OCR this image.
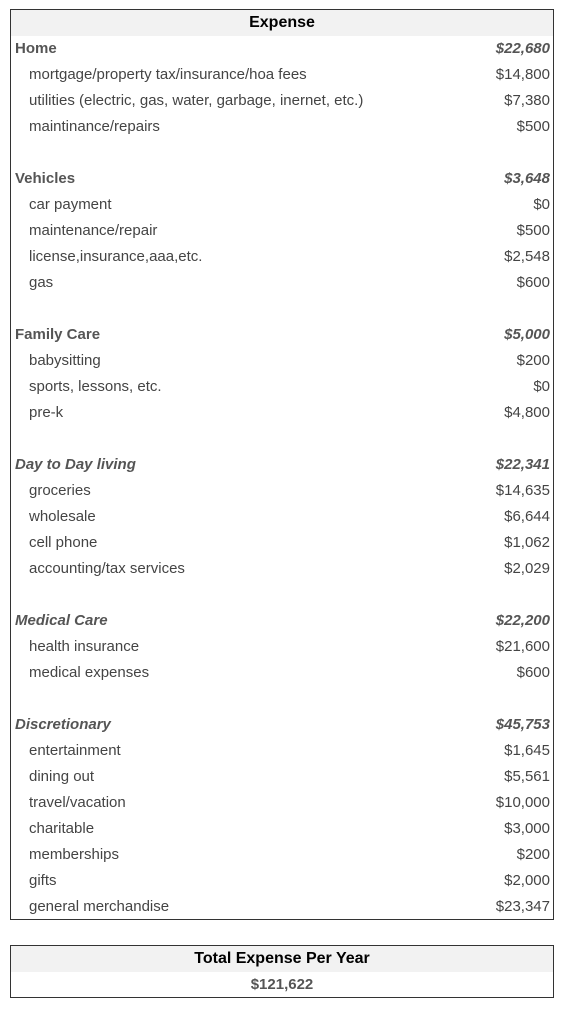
Expense
Home	$22,680
mortgage/property tax/insurance/hoa fees	$14,800
utilities (electric, gas, water, garbage, inernet, etc.)	$7,380
maintinance/repairs	$500
Vehicles	$3,648
car payment	$0
maintenance/repair	$500
license,insurance,aaa,etc.	$2,548
gas	$600
Family Care	$5,000
babysitting	$200
sports, lessons, etc.	$0
pre-k	$4,800
Day to Day living	$22,341
groceries	$14,635
wholesale	$6,644
cell phone	$1,062
accounting/tax services	$2,029
Medical Care	$22,200
health insurance	$21,600
medical expenses	$600
Discretionary	$45,753
entertainment	$1,645
dining out	$5,561
travel/vacation	$10,000
charitable	$3,000
memberships	$200
gifts	$2,000
general merchandise	$23,347
Total Expense Per Year
$121,622
